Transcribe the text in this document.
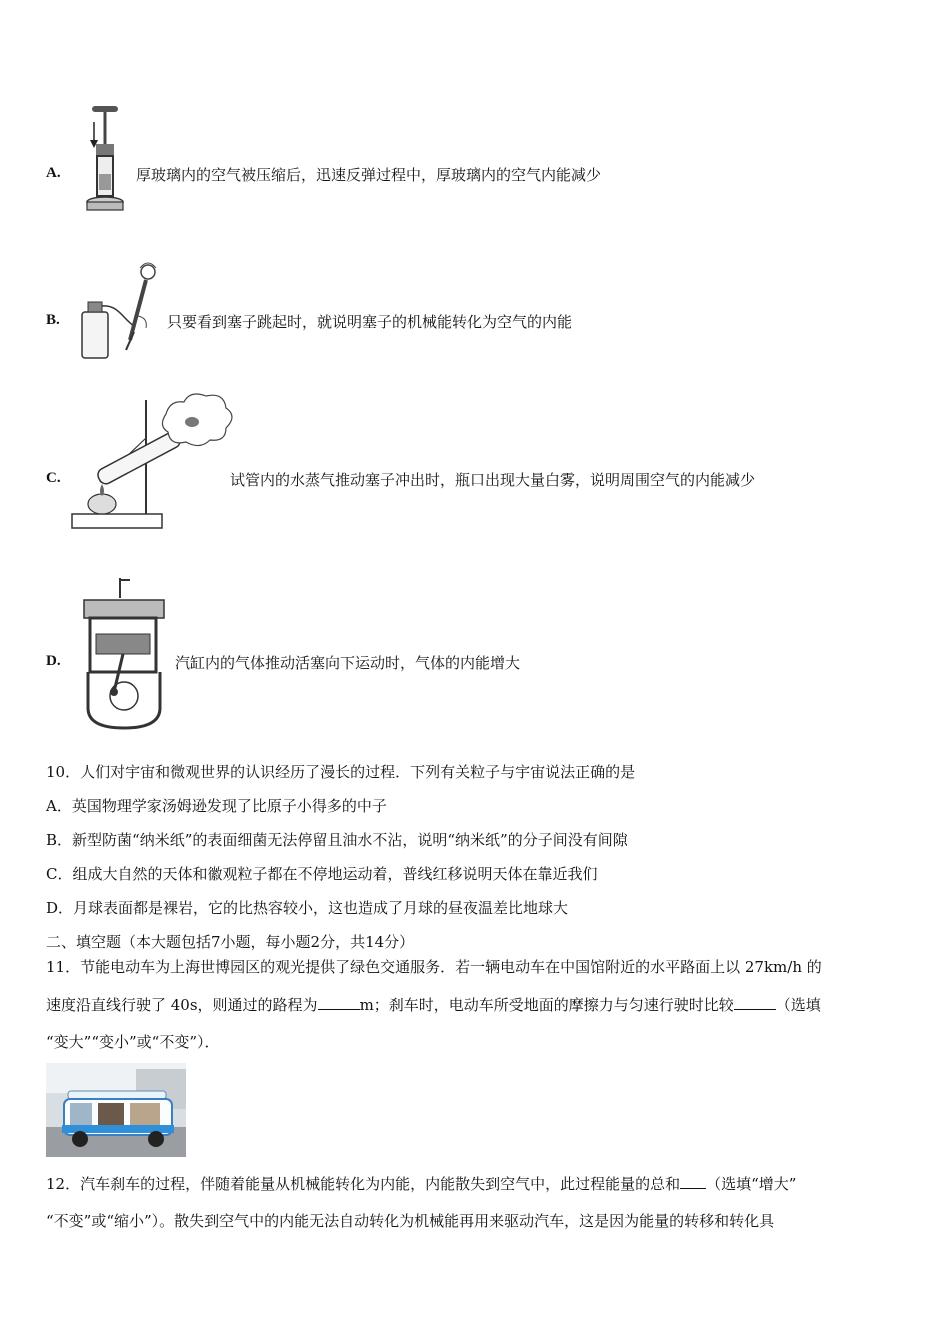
A.	厚玻璃内的空气被压缩后，迅速反弹过程中，厚玻璃内的空气内能减少
B.	只要看到塞子跳起时，就说明塞子的机械能转化为空气的内能
C.	试管内的水蒸气推动塞子冲出时，瓶口出现大量白雾，说明周围空气的内能减少
D.	汽缸内的气体推动活塞向下运动时，气体的内能增大
10．人们对宇宙和微观世界的认识经历了漫长的过程．下列有关粒子与宇宙说法正确的是
A．英国物理学家汤姆逊发现了比原子小得多的中子
B．新型防菌“纳米纸”的表面细菌无法停留且油水不沾，说明“纳米纸”的分子间没有间隙
C．组成大自然的天体和徽观粒子都在不停地运动着，普线红移说明天体在靠近我们
D．月球表面都是裸岩，它的比热容较小，这也造成了月球的昼夜温差比地球大
二、填空题（本大题包括7小题，每小题2分，共14分）
11．节能电动车为上海世博园区的观光提供了绿色交通服务．若一辆电动车在中国馆附近的水平路面上以 27km/h 的
速度沿直线行驶了 40s，则通过的路程为	m；刹车时，电动车所受地面的摩擦力与匀速行驶时比较	（选填
“变大”“变小”或“不变”）．
12．汽车刹车的过程，伴随着能量从机械能转化为内能，内能散失到空气中，此过程能量的总和 （选填“增大”
“不变”或“缩小”）。散失到空气中的内能无法自动转化为机械能再用来驱动汽车，这是因为能量的转移和转化具
